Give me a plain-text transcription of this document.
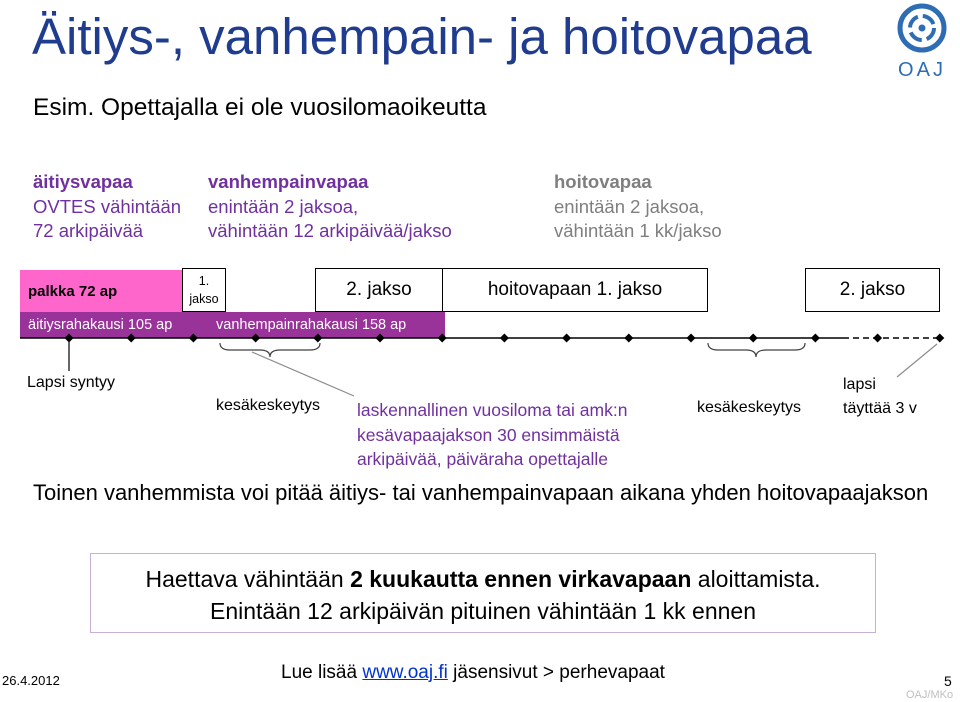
Äitiys-, vanhempain- ja hoitovapaa
OAJ
Esim. Opettajalla ei ole vuosilomaoikeutta
äitiysvapaa
OVTES vähintään
72 arkipäivää
vanhempainvapaa
enintään 2 jaksoa,
vähintään 12 arkipäivää/jakso
hoitovapaa
enintään 2 jaksoa,
vähintään 1 kk/jakso
palkka 72 ap
1.
jakso	2. jakso	hoitovapaan 1. jakso	2. jakso
äitiysrahakausi 105 ap	vanhempainrahakausi 158 ap
Lapsi syntyy
kesäkeskeytys	kesäkeskeytys
lapsi
täyttää 3 v
laskennallinen vuosiloma tai amk:n
kesävapaajakson 30 ensimmäistä
arkipäivää, päiväraha opettajalle
Toinen vanhemmista voi pitää äitiys- tai vanhempainvapaan aikana yhden hoitovapaajakson
Haettava vähintään 2 kuukautta ennen virkavapaan aloittamista.
Enintään 12 arkipäivän pituinen vähintään 1 kk ennen
26.4.2012	Lue lisää www.oaj.fi jäsensivut > perhevapaat	5
OAJ/MKo
